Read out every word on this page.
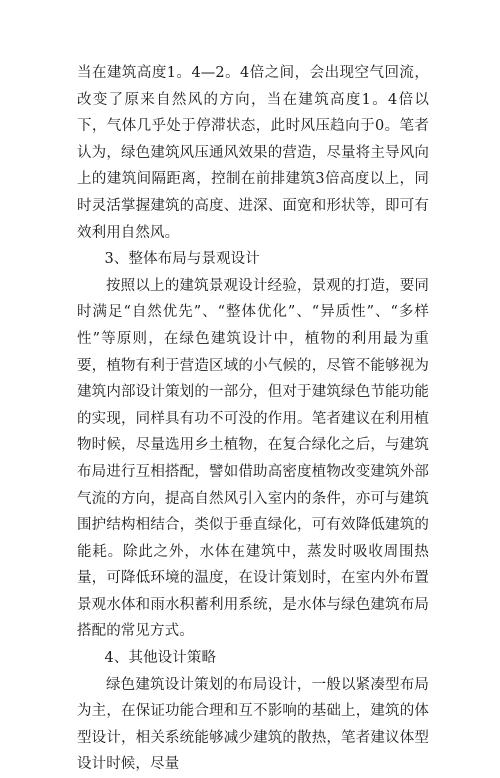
当在建筑高度1。4—2。4倍之间，会出现空气回流，改变了原来自然风的方向，当在建筑高度1。4倍以下，气体几乎处于停滞状态，此时风压趋向于0。笔者认为，绿色建筑风压通风效果的营造，尽量将主导风向上的建筑间隔距离，控制在前排建筑3倍高度以上，同时灵活掌握建筑的高度、进深、面宽和形状等，即可有效利用自然风。

3、整体布局与景观设计

按照以上的建筑景观设计经验，景观的打造，要同时满足“自然优先”、“整体优化”、“异质性”、“多样性”等原则，在绿色建筑设计中，植物的利用最为重要，植物有利于营造区域的小气候的，尽管不能够视为建筑内部设计策划的一部分，但对于建筑绿色节能功能的实现，同样具有功不可没的作用。笔者建议在利用植物时候，尽量选用乡土植物，在复合绿化之后，与建筑布局进行互相搭配，譬如借助高密度植物改变建筑外部气流的方向，提高自然风引入室内的条件，亦可与建筑围护结构相结合，类似于垂直绿化，可有效降低建筑的能耗。除此之外，水体在建筑中，蒸发时吸收周围热量，可降低环境的温度，在设计策划时，在室内外布置景观水体和雨水积蓄利用系统，是水体与绿色建筑布局搭配的常见方式。

4、其他设计策略

绿色建筑设计策划的布局设计，一般以紧凑型布局为主，在保证功能合理和互不影响的基础上，建筑的体型设计，相关系统能够减少建筑的散热，笔者建议体型设计时候，尽量
